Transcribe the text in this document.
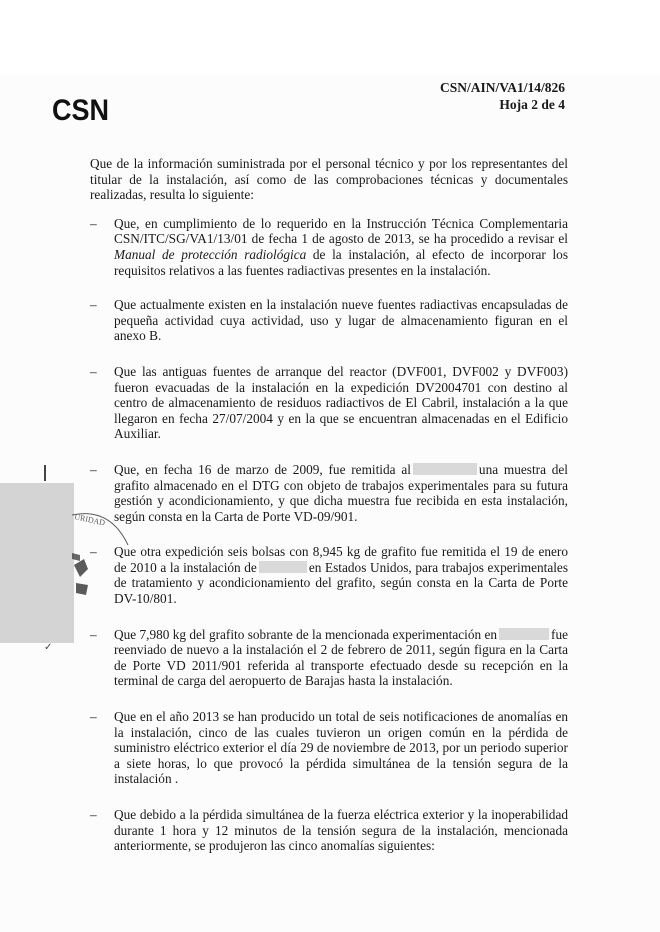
CSN
CSN/AIN/VA1/14/826
Hoja 2 de 4
URIDAD
✓

Que de la información suministrada por el personal técnico y por los representantes del titular de la instalación, así como de las comprobaciones técnicas y documentales realizadas, resulta lo siguiente:

– Que, en cumplimiento de lo requerido en la Instrucción Técnica Complementaria CSN/ITC/SG/VA1/13/01 de fecha 1 de agosto de 2013, se ha procedido a revisar el Manual de protección radiológica de la instalación, al efecto de incorporar los requisitos relativos a las fuentes radiactivas presentes en la instalación.
– Que actualmente existen en la instalación nueve fuentes radiactivas encapsuladas de pequeña actividad cuya actividad, uso y lugar de almacenamiento figuran en el anexo B.
– Que las antiguas fuentes de arranque del reactor (DVF001, DVF002 y DVF003) fueron evacuadas de la instalación en la expedición DV2004701 con destino al centro de almacenamiento de residuos radiactivos de El Cabril, instalación a la que llegaron en fecha 27/07/2004 y en la que se encuentran almacenadas en el Edificio Auxiliar.
– Que, en fecha 16 de marzo de 2009, fue remitida al	una muestra del grafito almacenado en el DTG con objeto de trabajos experimentales para su futura gestión y acondicionamiento, y que dicha muestra fue recibida en esta instalación, según consta en la Carta de Porte VD-09/901.
– Que otra expedición seis bolsas con 8,945 kg de grafito fue remitida el 19 de enero de 2010 a la instalación de	en Estados Unidos, para trabajos experimentales de tratamiento y acondicionamiento del grafito, según consta en la Carta de Porte DV-10/801.
– Que 7,980 kg del grafito sobrante de la mencionada experimentación en	fue reenviado de nuevo a la instalación el 2 de febrero de 2011, según figura en la Carta de Porte VD 2011/901 referida al transporte efectuado desde su recepción en la terminal de carga del aeropuerto de Barajas hasta la instalación.
– Que en el año 2013 se han producido un total de seis notificaciones de anomalías en la instalación, cinco de las cuales tuvieron un origen común en la pérdida de suministro eléctrico exterior el día 29 de noviembre de 2013, por un periodo superior a siete horas, lo que provocó la pérdida simultánea de la tensión segura de la instalación .
– Que debido a la pérdida simultánea de la fuerza eléctrica exterior y la inoperabilidad durante 1 hora y 12 minutos de la tensión segura de la instalación, mencionada anteriormente, se produjeron las cinco anomalías siguientes:
